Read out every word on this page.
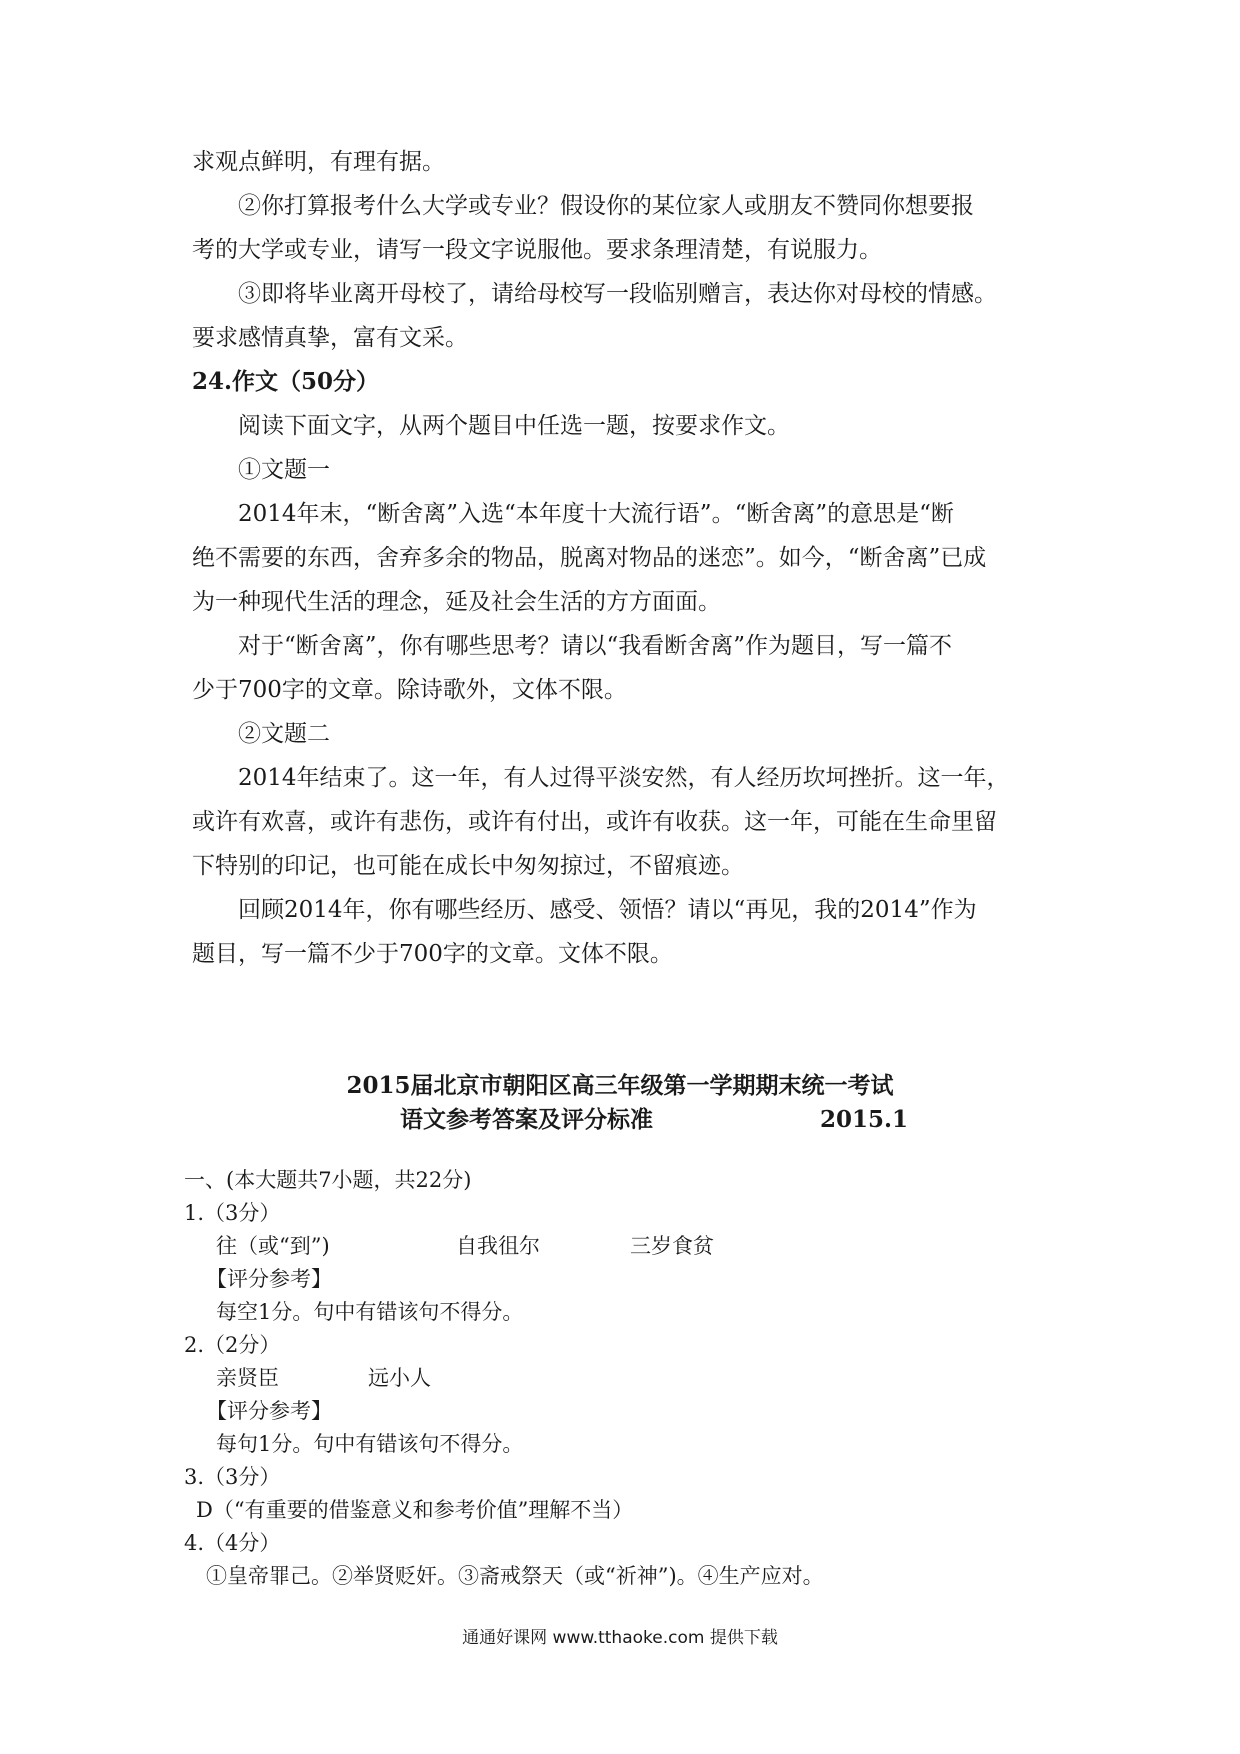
求观点鲜明，有理有据。

②你打算报考什么大学或专业？假设你的某位家人或朋友不赞同你想要报

考的大学或专业，请写一段文字说服他。要求条理清楚，有说服力。

③即将毕业离开母校了，请给母校写一段临别赠言，表达你对母校的情感。

要求感情真挚，富有文采。

24.作文（50分）

阅读下面文字，从两个题目中任选一题，按要求作文。

①文题一

2014年末，“断舍离”入选“本年度十大流行语”。“断舍离”的意思是“断

绝不需要的东西，舍弃多余的物品，脱离对物品的迷恋”。如今，“断舍离”已成

为一种现代生活的理念，延及社会生活的方方面面。

对于“断舍离”，你有哪些思考？请以“我看断舍离”作为题目，写一篇不

少于700字的文章。除诗歌外，文体不限。

②文题二

2014年结束了。这一年，有人过得平淡安然，有人经历坎坷挫折。这一年，

或许有欢喜，或许有悲伤，或许有付出，或许有收获。这一年，可能在生命里留

下特别的印记，也可能在成长中匆匆掠过，不留痕迹。

回顾2014年，你有哪些经历、感受、领悟？请以“再见，我的2014”作为

题目，写一篇不少于700字的文章。文体不限。

2015届北京市朝阳区高三年级第一学期期末统一考试

语文参考答案及评分标准	2015.1

一、(本大题共7小题，共22分)

1.（3分）

往（或“到”)	自我徂尔	三岁食贫

【评分参考】

每空1分。句中有错该句不得分。

2.（2分）

亲贤臣	远小人

【评分参考】

每句1分。句中有错该句不得分。

3.（3分）

D（“有重要的借鉴意义和参考价值”理解不当）

4.（4分）

①皇帝罪己。②举贤贬奸。③斋戒祭天（或“祈神”)。④生产应对。

通通好课网 www.tthaoke.com 提供下载
